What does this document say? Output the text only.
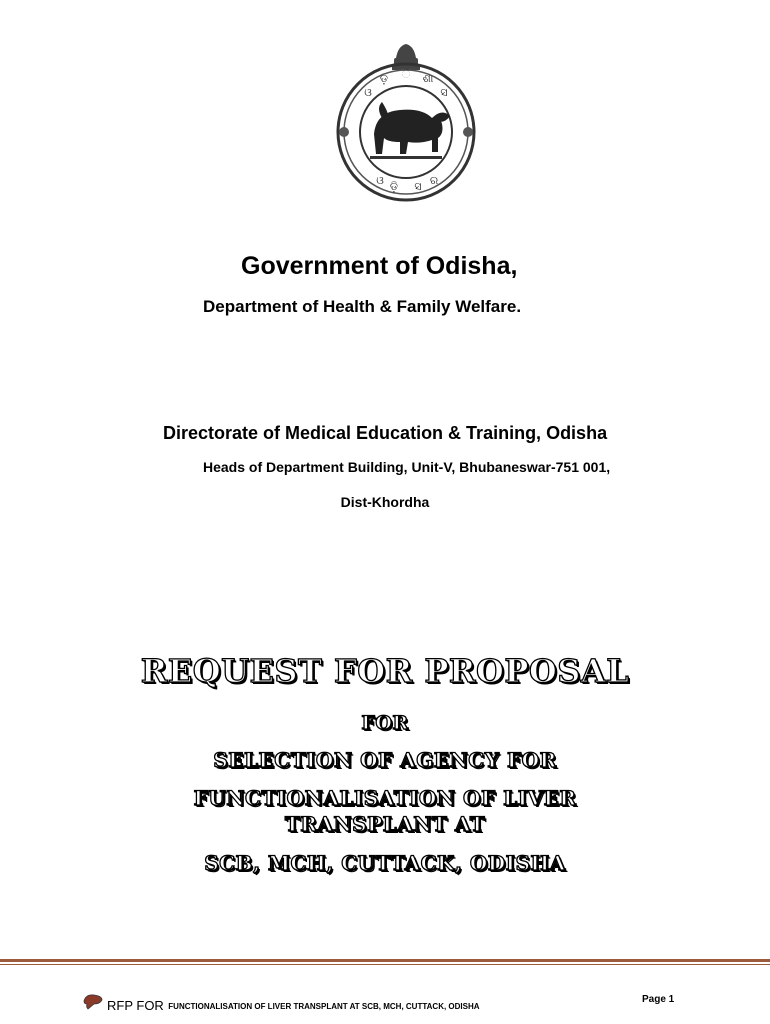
ଓ
ଡ଼ ି ଶା
ସ
ଓ ଡ଼ି ସ ର
Government of Odisha,
Department of Health & Family Welfare.
Directorate of Medical Education & Training, Odisha
Heads of Department Building, Unit-V, Bhubaneswar-751 001,
Dist-Khordha
REQUEST FOR PROPOSAL
FOR
SELECTION OF AGENCY FOR
FUNCTIONALISATION OF LIVER
TRANSPLANT AT
SCB, MCH, CUTTACK, ODISHA
RFP FOR
FUNCTIONALISATION OF LIVER TRANSPLANT AT SCB, MCH, CUTTACK, ODISHA
Page 1
